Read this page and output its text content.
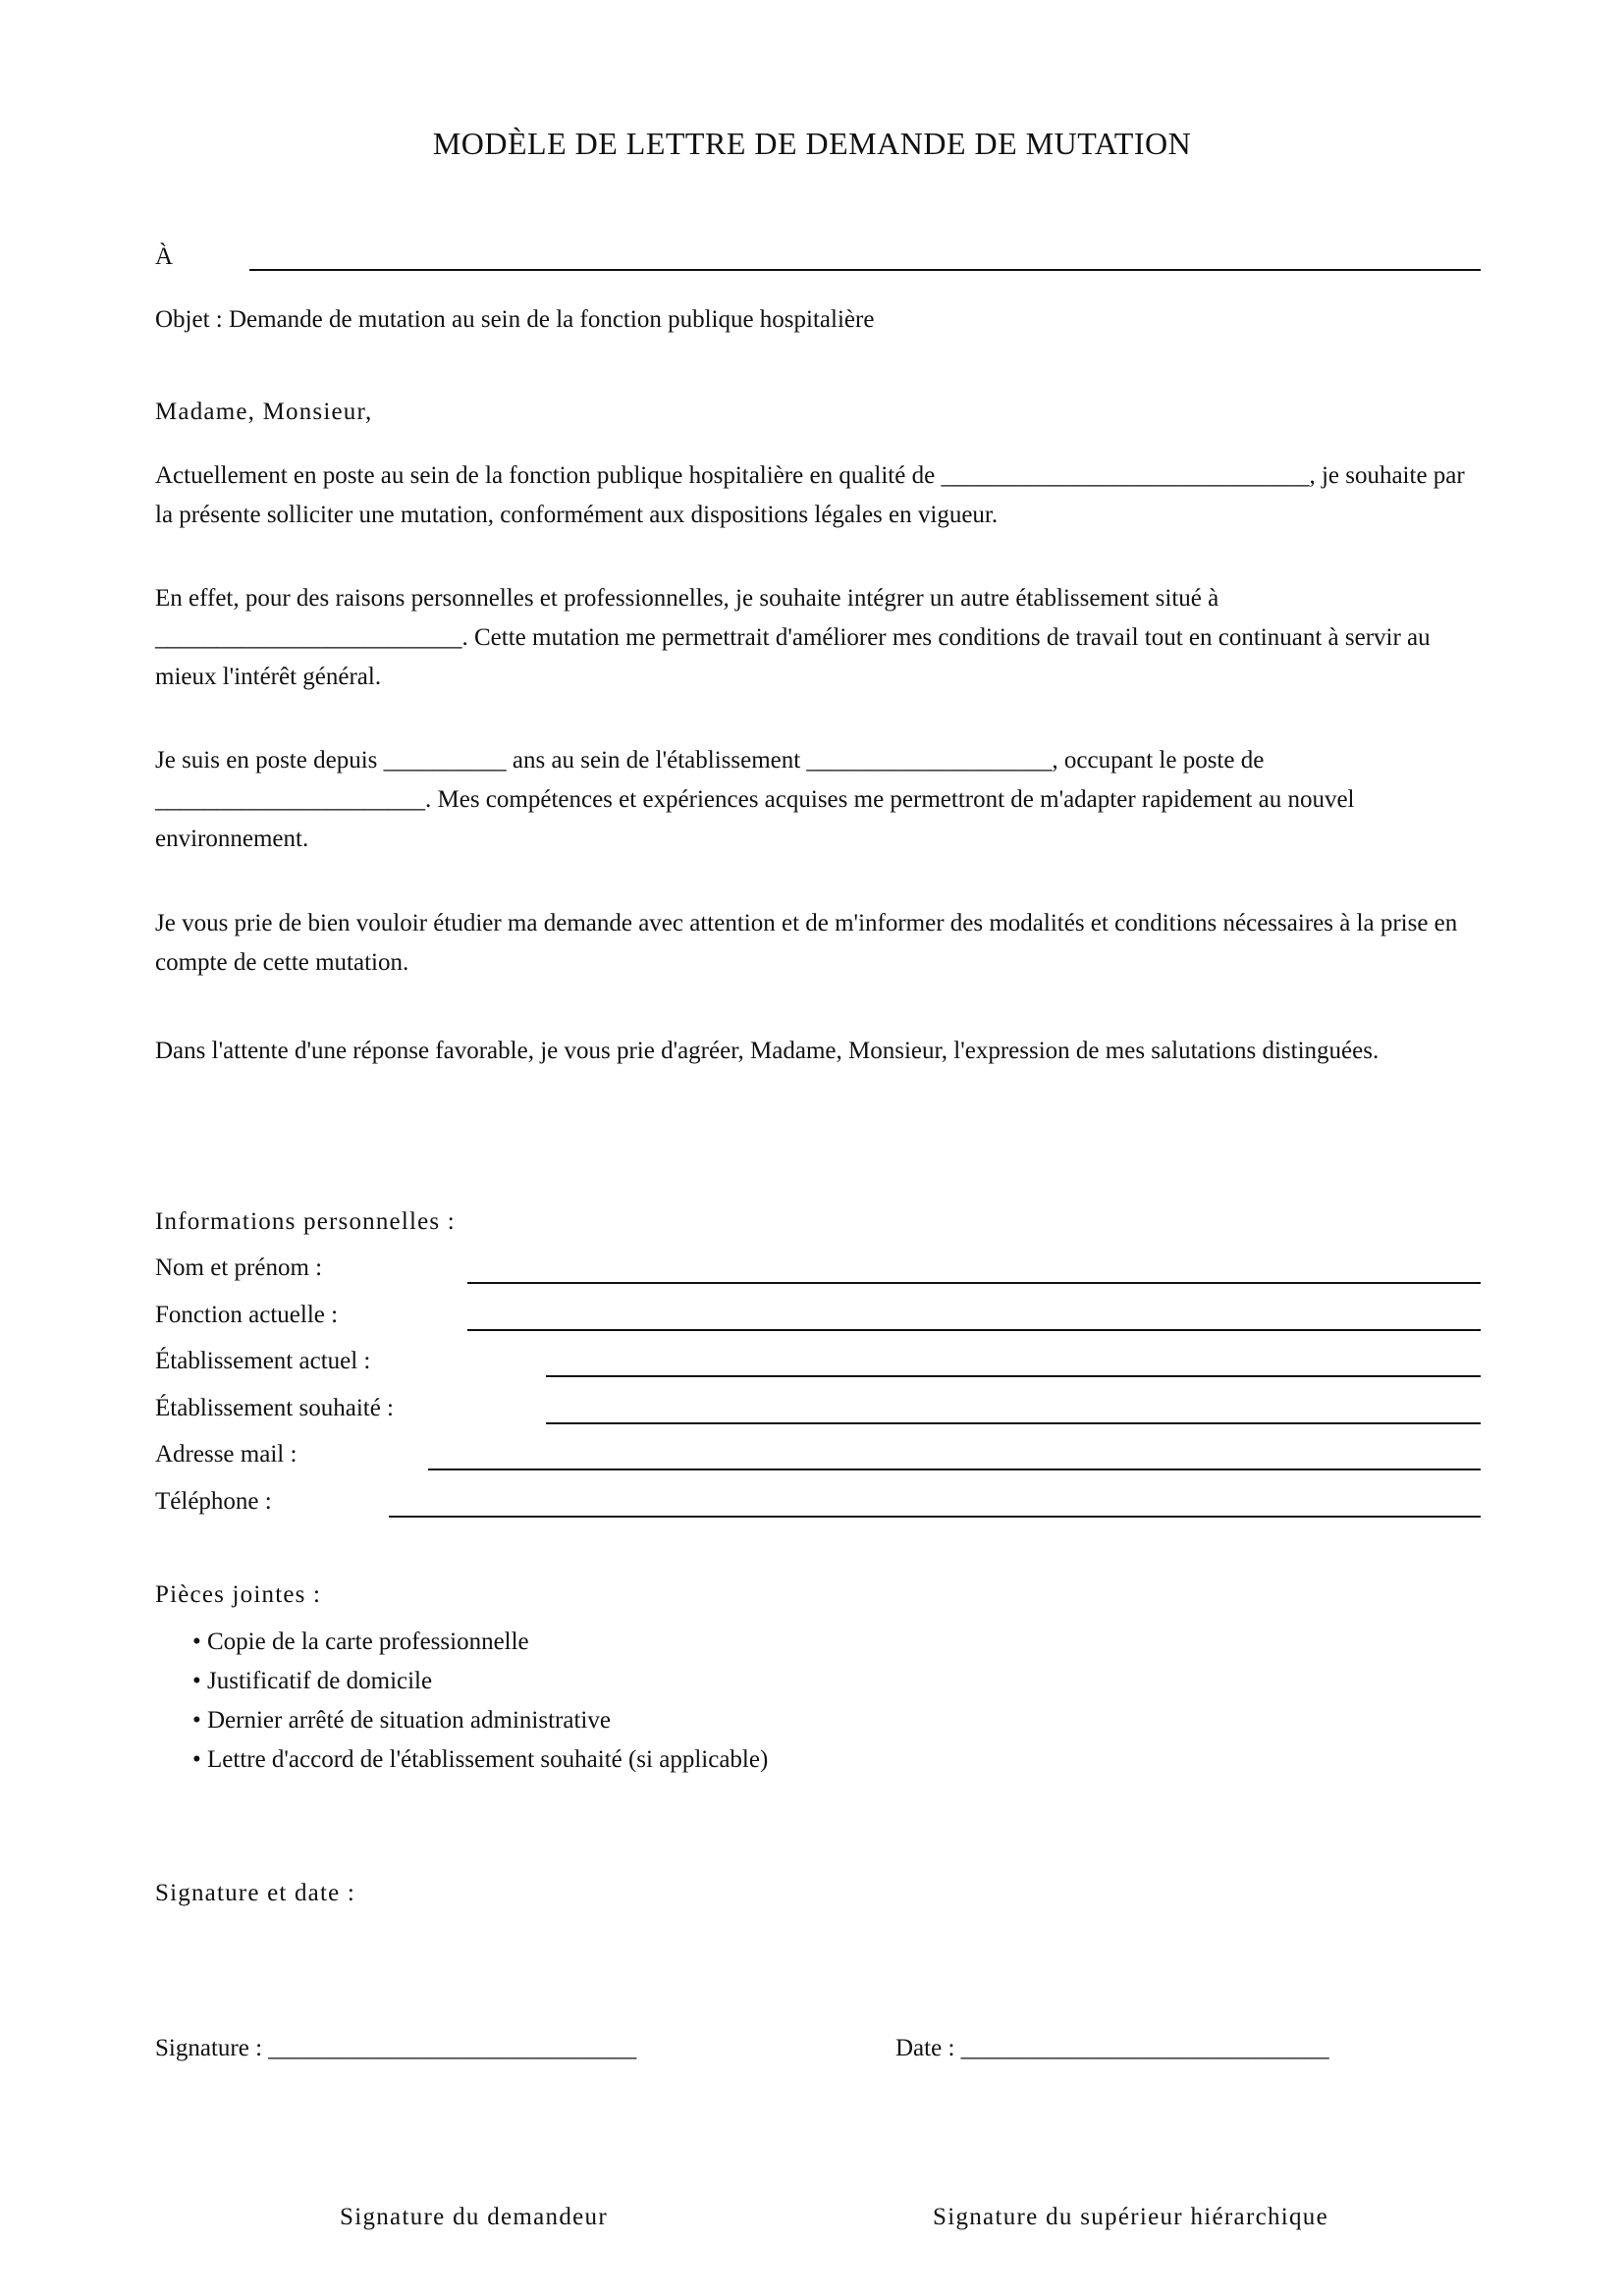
MODÈLE DE LETTRE DE DEMANDE DE MUTATION
À
Objet : Demande de mutation au sein de la fonction publique hospitalière
Madame, Monsieur,
Actuellement en poste au sein de la fonction publique hospitalière en qualité de ______________________________, je souhaite par la présente solliciter une mutation, conformément aux dispositions légales en vigueur.
En effet, pour des raisons personnelles et professionnelles, je souhaite intégrer un autre établissement situé à _________________________. Cette mutation me permettrait d'améliorer mes conditions de travail tout en continuant à servir au mieux l'intérêt général.
Je suis en poste depuis __________ ans au sein de l'établissement ____________________, occupant le poste de ______________________. Mes compétences et expériences acquises me permettront de m'adapter rapidement au nouvel environnement.
Je vous prie de bien vouloir étudier ma demande avec attention et de m'informer des modalités et conditions nécessaires à la prise en compte de cette mutation.
Dans l'attente d'une réponse favorable, je vous prie d'agréer, Madame, Monsieur, l'expression de mes salutations distinguées.
Informations personnelles :
Nom et prénom :
Fonction actuelle :
Établissement actuel :
Établissement souhaité :
Adresse mail :
Téléphone :
Pièces jointes :
• Copie de la carte professionnelle
• Justificatif de domicile
• Dernier arrêté de situation administrative
• Lettre d'accord de l'établissement souhaité (si applicable)
Signature et date :
Signature : ______________________________	Date : ______________________________
Signature du demandeur	Signature du supérieur hiérarchique
